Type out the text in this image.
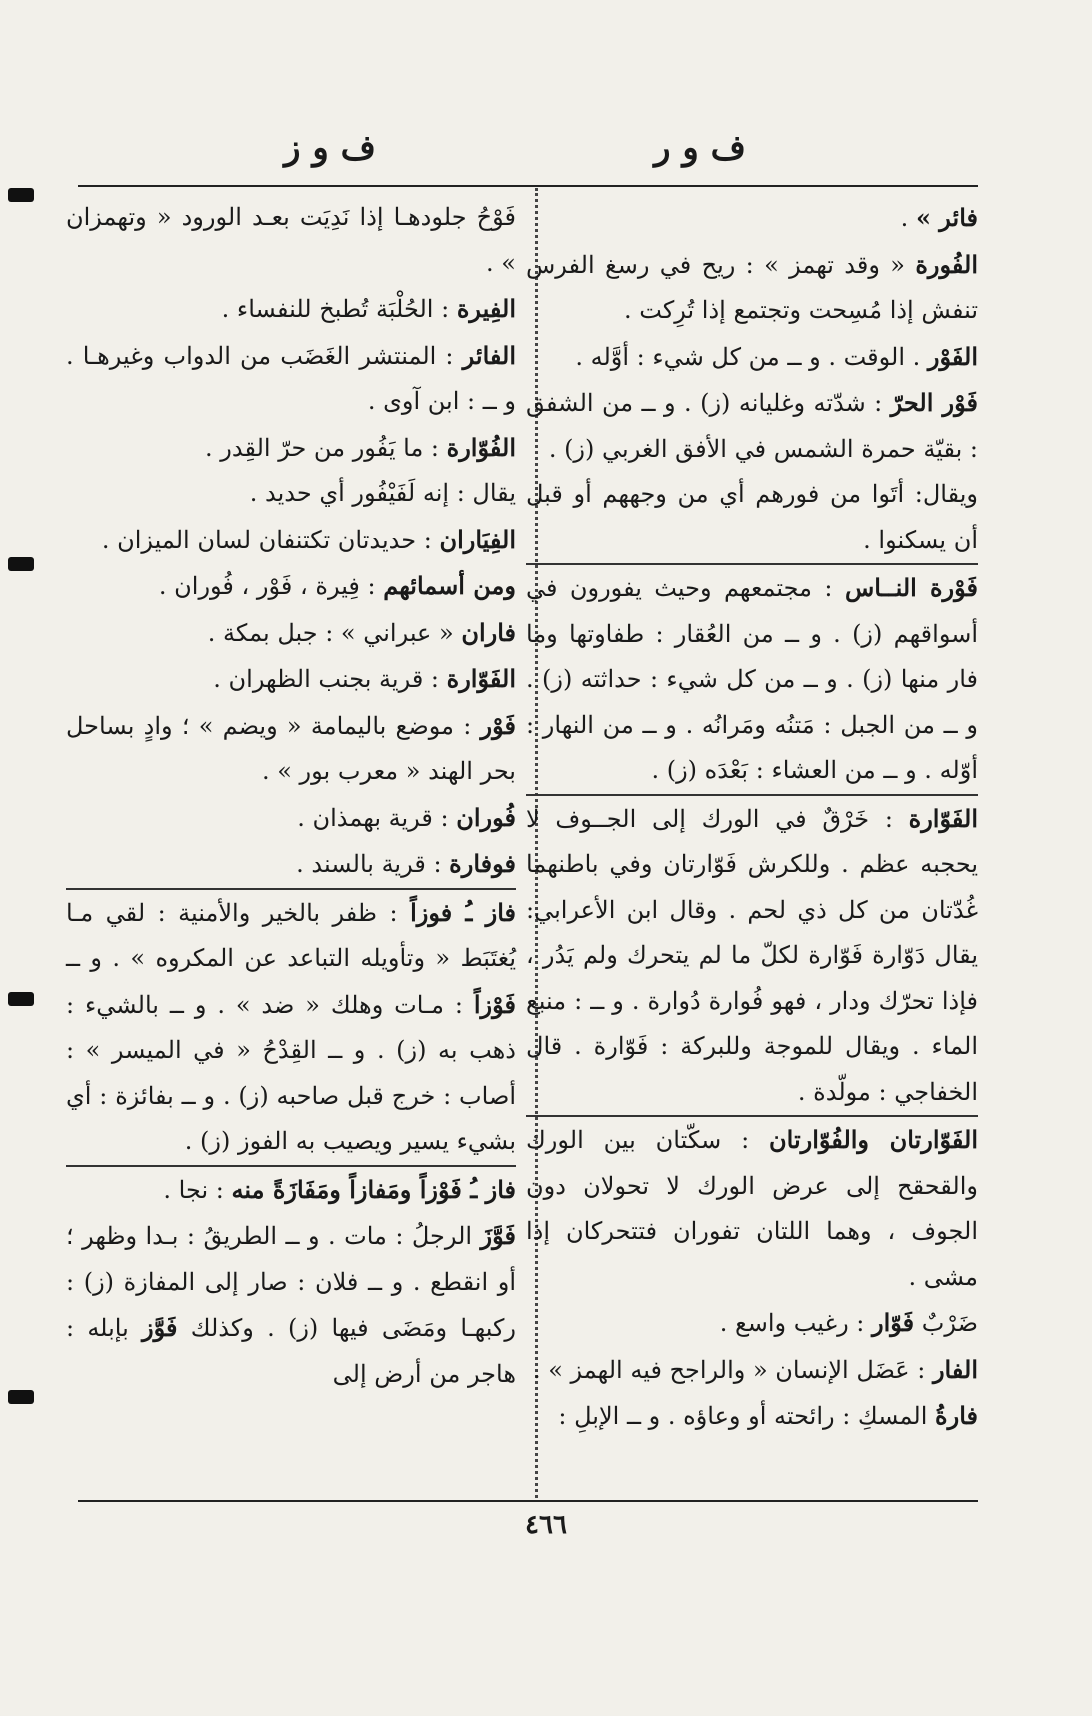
ف و ر
ف و ز

فائر » .

الفُورة « وقد تهمز » : ريح في رسغ الفرس تنفش إذا مُسِحت وتجتمع إذا تُرِكت .

الفَوْر . الوقت . و ــ من كل شيء : أوَّله .

فَوْر الحرّ : شدّته وغليانه (ز) . و ــ من الشفق : بقيّة حمرة الشمس في الأفق الغربي (ز) .

ويقال: أتَوا من فورهم أي من وجههم أو قبل أن يسكنوا .

فَوْرة النــاس : مجتمعهم وحيث يفورون في أسواقهم (ز) . و ــ من العُقار : طفاوتها وما فار منها (ز) . و ــ من كل شيء : حداثته (ز) . و ــ من الجبل : مَتنُه ومَرانُه . و ــ من النهار : أوّله . و ــ من العشاء : بَعْدَه (ز) .

الفَوّارة : خَرْقٌ في الورك إلى الجــوف لا يحجبه عظم . وللكرش فَوّارتان وفي باطنهما غُدّتان من كل ذي لحم . وقال ابن الأعرابي: يقال دَوّارة فَوّارة لكلّ ما لم يتحرك ولم يَدُر ، فإذا تحرّك ودار ، فهو فُوارة دُوارة . و ــ : منبع الماء . ويقال للموجة وللبركة : فَوّارة . قال الخفاجي : مولّدة .

الفَوّارتان والفُوّارتان : سكّتان بين الورك والقحقح إلى عرض الورك لا تحولان دون الجوف ، وهما اللتان تفوران فتتحركان إذا مشى .

ضَرْبٌ فَوّار : رغيب واسع .

الفار : عَضَل الإنسان « والراجح فيه الهمز » .

فارةُ المسكِ : رائحته أو وعاؤه . و ــ الإبلِ :

فَوْحُ جلودهـا إذا نَدِيَت بعـد الورود « وتهمزان » .

الفِيرة : الحُلْبَة تُطبخ للنفساء .

الفائر : المنتشر الغَضَب من الدواب وغيرهـا . و ــ : ابن آوى .

الفُوّارة : ما يَفُور من حرّ القِدر .

يقال : إنه لَفَيْفُور أي حديد .

الفِيَاران : حديدتان تكتنفان لسان الميزان .

ومن أسمائهم : فِيرة ، فَوْر ، فُوران .

فاران « عبراني » : جبل بمكة .

الفَوّارة : قرية بجنب الظهران .

فَوْر : موضع باليمامة « ويضم » ؛ وادٍ بساحل بحر الهند « معرب بور » .

فُوران : قرية بهمذان .

فوفارة : قرية بالسند .

فاز ـُ فوزاً : ظفر بالخير والأمنية : لقي مـا يُغتَبَط « وتأويله التباعد عن المكروه » . و ــ فَوْزاً : مـات وهلك « ضد » . و ــ بالشيء : ذهب به (ز) . و ــ القِدْحُ « في الميسر » : أصاب : خرج قبل صاحبه (ز) . و ــ بفائزة : أي بشيء يسير ويصيب به الفوز (ز) .

فاز ـُ فَوْزاً ومَفازاً ومَفَازَةً منه : نجا .

فَوَّزَ الرجلُ : مات . و ــ الطريقُ : بـدا وظهر ؛ أو انقطع . و ــ فلان : صار إلى المفازة (ز) : ركبهـا ومَضَى فيها (ز) . وكذلك فَوَّز بإبله : هاجر من أرض إلى

٤٦٦
